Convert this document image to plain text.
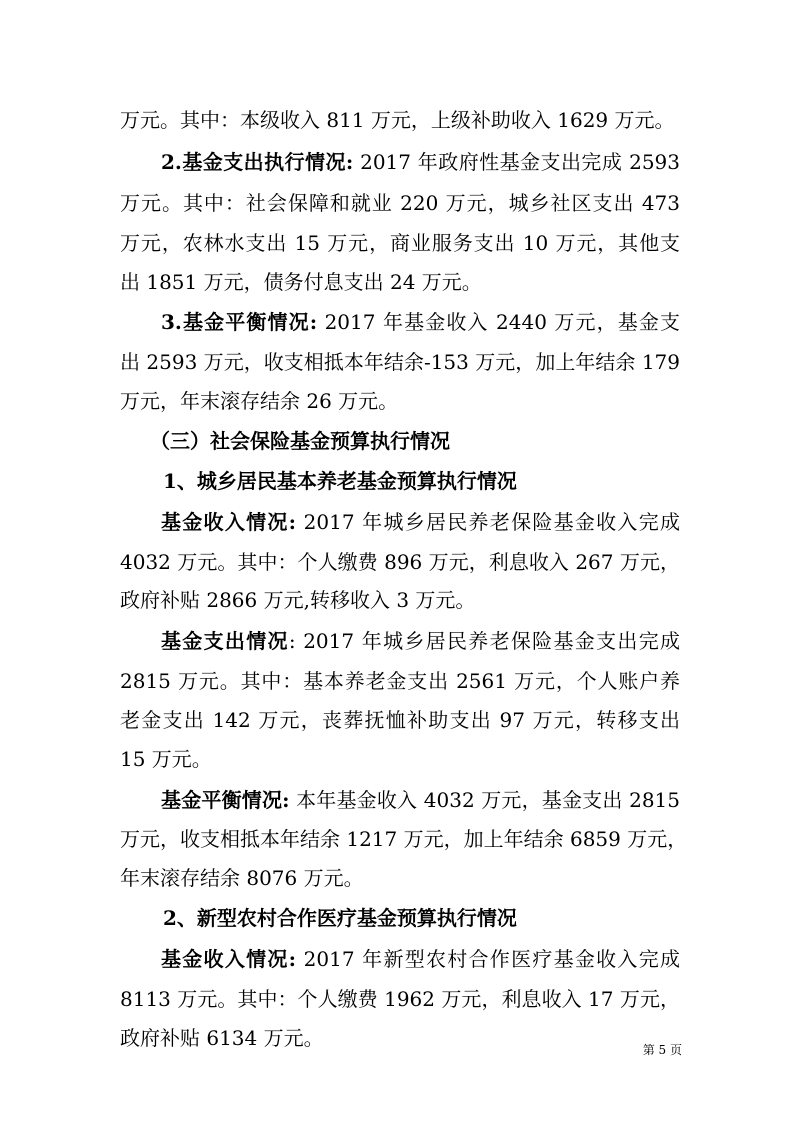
万元。其中：本级收入 811 万元，上级补助收入 1629 万元。
2.基金支出执行情况: 2017 年政府性基金支出完成 2593
万元。其中：社会保障和就业 220 万元，城乡社区支出 473
万元，农林水支出 15 万元，商业服务支出 10 万元，其他支
出 1851 万元，债务付息支出 24 万元。
3.基金平衡情况: 2017 年基金收入 2440 万元，基金支
出 2593 万元，收支相抵本年结余-153 万元，加上年结余 179
万元，年末滚存结余 26 万元。
（三）社会保险基金预算执行情况
1、城乡居民基本养老基金预算执行情况
基金收入情况: 2017 年城乡居民养老保险基金收入完成
4032 万元。其中：个人缴费 896 万元，利息收入 267 万元，
政府补贴 2866 万元,转移收入 3 万元。
基金支出情况: 2017 年城乡居民养老保险基金支出完成
2815 万元。其中：基本养老金支出 2561 万元，个人账户养
老金支出 142 万元，丧葬抚恤补助支出 97 万元，转移支出
15 万元。
基金平衡情况: 本年基金收入 4032 万元，基金支出 2815
万元，收支相抵本年结余 1217 万元，加上年结余 6859 万元，
年末滚存结余 8076 万元。
2、新型农村合作医疗基金预算执行情况
基金收入情况: 2017 年新型农村合作医疗基金收入完成
8113 万元。其中：个人缴费 1962 万元，利息收入 17 万元，
政府补贴 6134 万元。	第 5 页
